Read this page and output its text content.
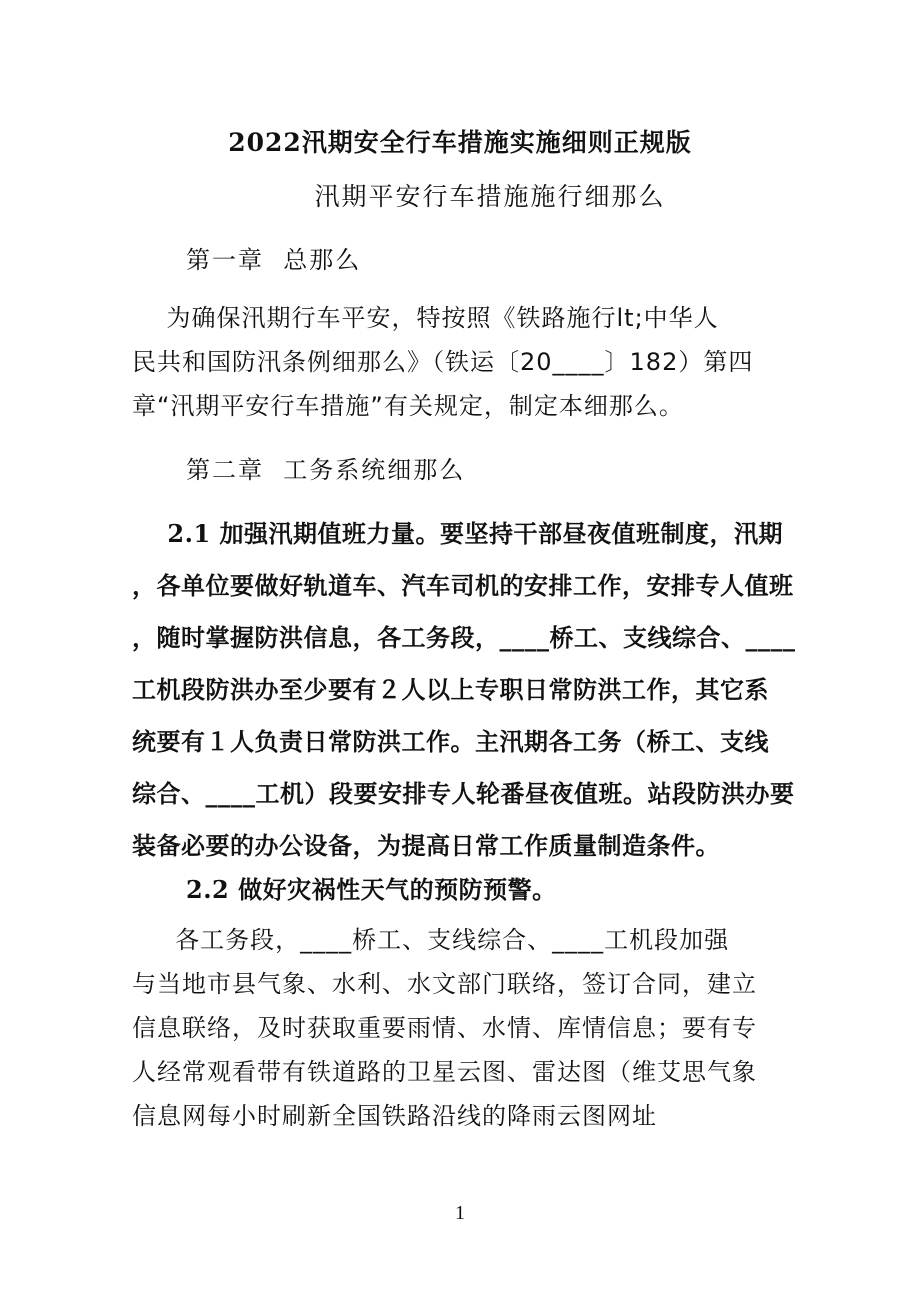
2022汛期安全行车措施实施细则正规版
汛期平安行车措施施行细那么
第一章  总那么

为确保汛期行车平安，特按照《铁路施行lt;中华人
民共和国防汛条例细那么》（铁运〔20____〕182）第四
章“汛期平安行车措施”有关规定，制定本细那么。

第二章  工务系统细那么

2.1 加强汛期值班力量。要坚持干部昼夜值班制度，汛期
，各单位要做好轨道车、汽车司机的安排工作，安排专人值班
，随时掌握防洪信息，各工务段，____桥工、支线综合、____
工机段防洪办至少要有２人以上专职日常防洪工作，其它系
统要有１人负责日常防洪工作。主汛期各工务（桥工、支线
综合、____工机）段要安排专人轮番昼夜值班。站段防洪办要
装备必要的办公设备，为提高日常工作质量制造条件。

2.2 做好灾祸性天气的预防预警。

各工务段，____桥工、支线综合、____工机段加强
与当地市县气象、水利、水文部门联络，签订合同，建立
信息联络，及时获取重要雨情、水情、库情信息；要有专
人经常观看带有铁道路的卫星云图、雷达图（维艾思气象
信息网每小时刷新全国铁路沿线的降雨云图网址

1
